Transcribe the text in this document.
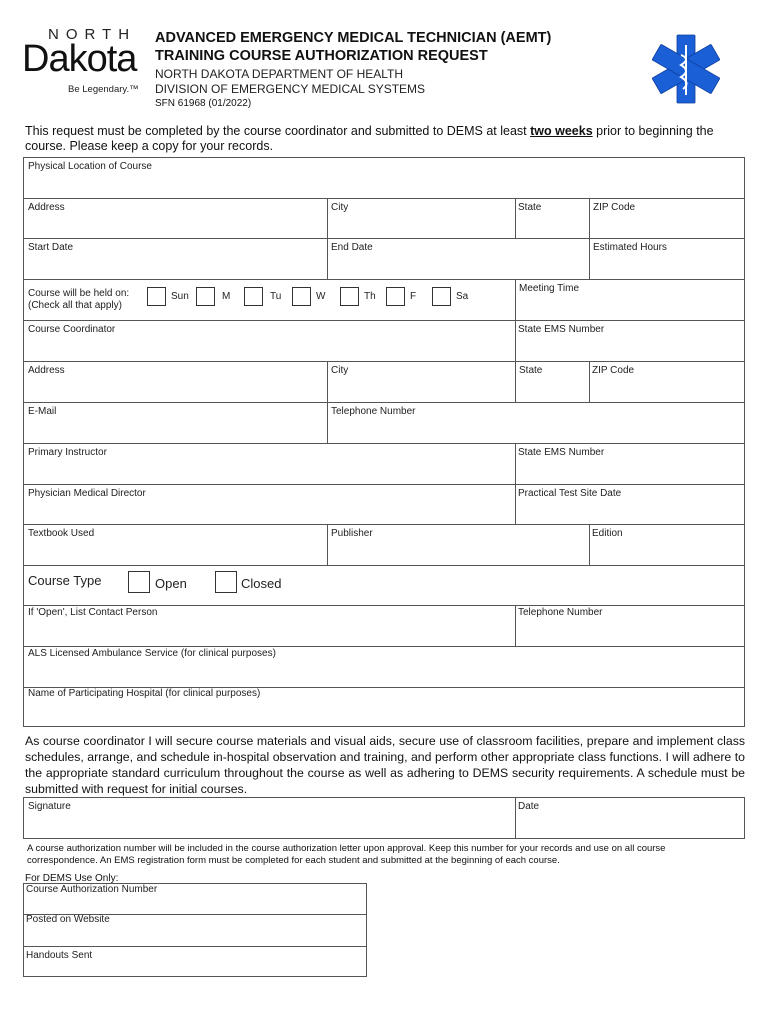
NORTH
Dakota
Be Legendary.™
ADVANCED EMERGENCY MEDICAL TECHNICIAN (AEMT)
TRAINING COURSE AUTHORIZATION REQUEST
NORTH DAKOTA DEPARTMENT OF HEALTH
DIVISION OF EMERGENCY MEDICAL SYSTEMS
SFN 61968 (01/2022)
This request must be completed by the course coordinator and submitted to DEMS at least two weeks prior to beginning the course. Please keep a copy for your records.
Physical Location of Course
Address	City	State	ZIP Code
Start Date	End Date	Estimated Hours
Course will be held on:
(Check all that apply)
Sun	M	Tu	W	Th	F	Sa
Meeting Time
Course Coordinator	State EMS Number
Address	City	State	ZIP Code
E-Mail	Telephone Number
Primary Instructor	State EMS Number
Physician Medical Director	Practical Test Site Date
Textbook Used	Publisher	Edition
Course Type	Open	Closed
If 'Open', List Contact Person	Telephone Number
ALS Licensed Ambulance Service (for clinical purposes)
Name of Participating Hospital (for clinical purposes)
As course coordinator I will secure course materials and visual aids, secure use of classroom facilities, prepare and implement class schedules, arrange, and schedule in-hospital observation and training, and perform other appropriate class functions. I will adhere to the appropriate standard curriculum throughout the course as well as adhering to DEMS security requirements. A schedule must be submitted with request for initial courses.
Signature	Date
A course authorization number will be included in the course authorization letter upon approval. Keep this number for your records and use on all course correspondence. An EMS registration form must be completed for each student and submitted at the beginning of each course.
For DEMS Use Only:
Course Authorization Number
Posted on Website
Handouts Sent
